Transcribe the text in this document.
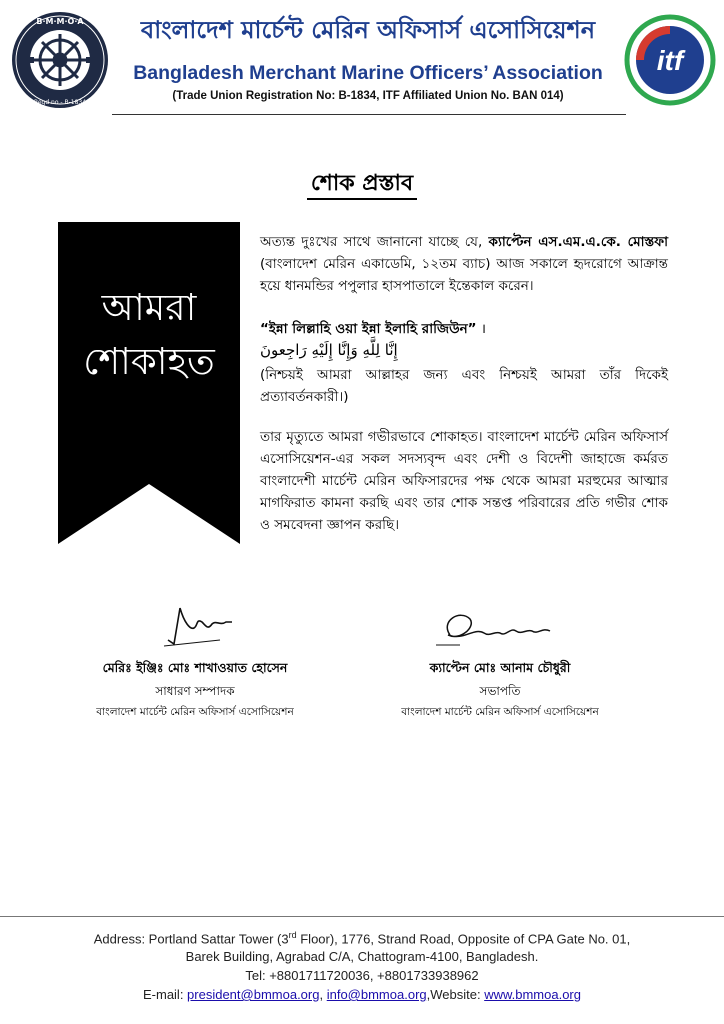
B·M·M·O·A
Regd no - B-1834
বাংলাদেশ মার্চেন্ট মেরিন অফিসার্স এসোসিয়েশন
Bangladesh Merchant Marine Officers’ Association
(Trade Union Registration No: B-1834, ITF Affiliated Union No. BAN 014)
itf
শোক প্রস্তাব
আমরা
শোকাহত
অত্যন্ত দুঃখের সাথে জানানো যাচ্ছে যে, ক্যাপ্টেন এস.এম.এ.কে. মোস্তফা (বাংলাদেশ মেরিন একাডেমি, ১২তম ব্যাচ) আজ সকালে হৃদরোগে আক্রান্ত হয়ে ধানমন্ডির পপুলার হাসপাতালে ইন্তেকাল করেন।
“ইন্না লিল্লাহি ওয়া ইন্না ইলাহি রাজিউন” ।
إِنَّا لِلَّهِ وَإِنَّا إِلَيْهِ رَاجِعونَ
(নিশ্চয়ই আমরা আল্লাহর জন্য এবং নিশ্চয়ই আমরা তাঁর দিকেই প্রত্যাবর্তনকারী।)
তার মৃত্যুতে আমরা গভীরভাবে শোকাহত। বাংলাদেশ মার্চেন্ট মেরিন অফিসার্স এসোসিয়েশন-এর সকল সদস্যবৃন্দ এবং দেশী ও বিদেশী জাহাজে কর্মরত বাংলাদেশী মার্চেন্ট মেরিন অফিসারদের পক্ষ থেকে আমরা মরহুমের আত্মার মাগফিরাত কামনা করছি এবং তার শোক সন্তপ্ত পরিবারের প্রতি গভীর শোক ও সমবেদনা জ্ঞাপন করছি।
মেরিঃ ইঞ্জিঃ মোঃ শাখাওয়াত হোসেন
সাধারণ সম্পাদক
বাংলাদেশ মার্চেন্ট মেরিন অফিসার্স এসোসিয়েশন
ক্যাপ্টেন মোঃ আনাম চৌধুরী
সভাপতি
বাংলাদেশ মার্চেন্ট মেরিন অফিসার্স এসোসিয়েশন
Address: Portland Sattar Tower (3rd Floor), 1776, Strand Road, Opposite of CPA Gate No. 01,
Barek Building, Agrabad C/A, Chattogram-4100, Bangladesh.
Tel: +8801711720036, +8801733938962
E-mail: president@bmmoa.org, info@bmmoa.org,Website: www.bmmoa.org
